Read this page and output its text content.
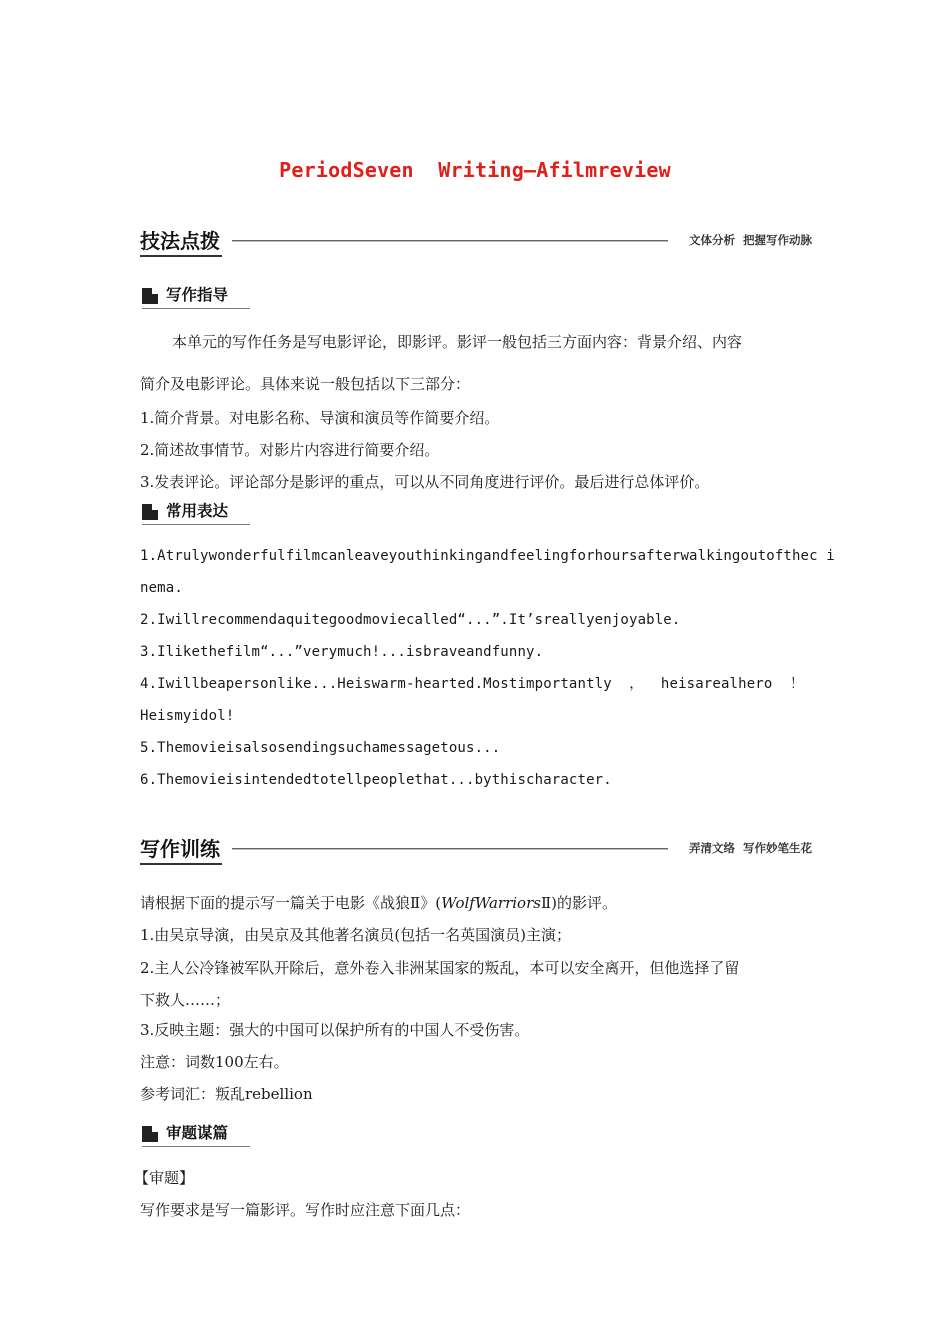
PeriodSeven  Writing—Afilmreview
技法点拨	文体分析  把握写作动脉
写作指导
本单元的写作任务是写电影评论，即影评。影评一般包括三方面内容：背景介绍、内容
简介及电影评论。具体来说一般包括以下三部分：
1.简介背景。对电影名称、导演和演员等作简要介绍。
2.简述故事情节。对影片内容进行简要介绍。
3.发表评论。评论部分是影评的重点，可以从不同角度进行评价。最后进行总体评价。
常用表达
1.Atrulywonderfulfilmcanleaveyouthinkingandfeelingforhoursafterwalkingoutofthec i
nema.
2.Iwillrecommendaquitegoodmoviecalled“...”.It’sreallyenjoyable.
3.Ilikethefilm“...”verymuch!...isbraveandfunny.
4.Iwillbeapersonlike...Heiswarm-hearted.Mostimportantly ， heisarealhero ！
Heismyidol!
5.Themovieisalsosendingsuchamessagetous...
6.Themovieisintendedtotellpeoplethat...bythischaracter.
写作训练	弄清文络  写作妙笔生花
请根据下面的提示写一篇关于电影《战狼Ⅱ》(WolfWarriorsⅡ)的影评。
1.由吴京导演，由吴京及其他著名演员(包括一名英国演员)主演；
2.主人公冷锋被军队开除后，意外卷入非洲某国家的叛乱，本可以安全离开，但他选择了留
下救人……；
3.反映主题：强大的中国可以保护所有的中国人不受伤害。
注意：词数100左右。
参考词汇：叛乱rebellion
审题谋篇
【审题】
写作要求是写一篇影评。写作时应注意下面几点：
